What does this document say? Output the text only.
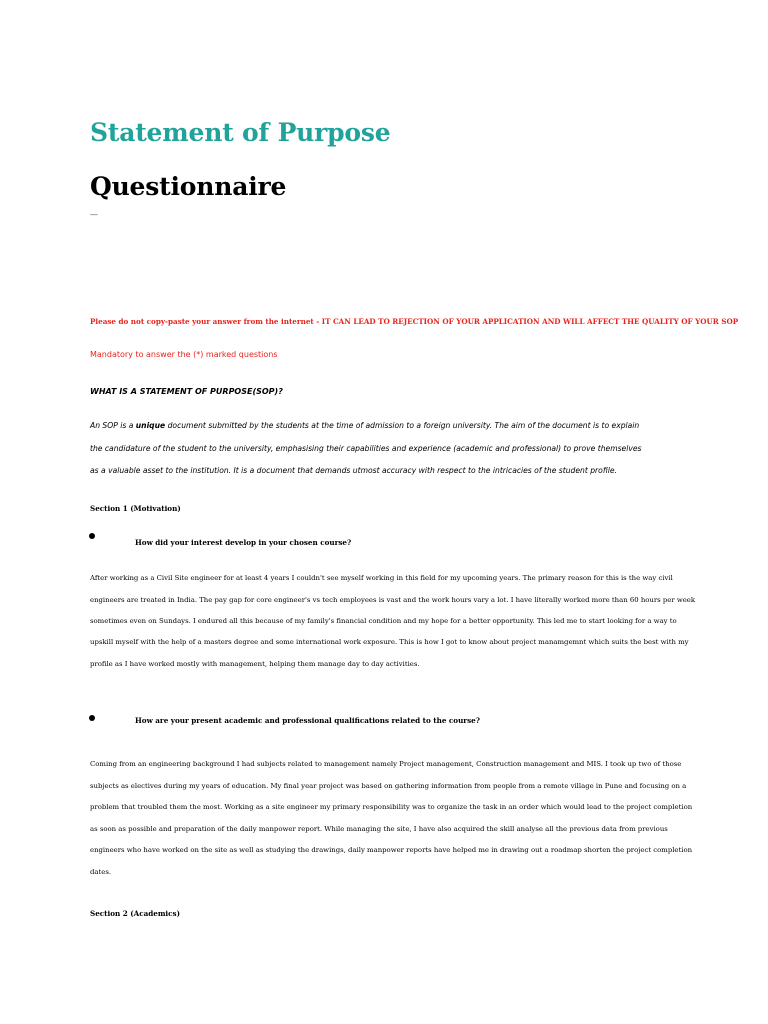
Statement of Purpose
Questionnaire
—
Please do not copy-paste your answer from the internet - IT CAN LEAD TO REJECTION OF YOUR APPLICATION AND WILL AFFECT THE QUALITY OF YOUR SOP
Mandatory to answer the (*) marked questions
WHAT IS A STATEMENT OF PURPOSE(SOP)?
An SOP is a unique document submitted by the students at the time of admission to a foreign university. The aim of the document is to explain
the candidature of the student to the university, emphasising their capabilities and experience (academic and professional) to prove themselves
as a valuable asset to the institution. It is a document that demands utmost accuracy with respect to the intricacies of the student profile.
Section 1 (Motivation)
How did your interest develop in your chosen course?
After working as a Civil Site engineer for at least 4 years I couldn't see myself working in this field for my upcoming years. The primary reason for this is the way civil
engineers are treated in India. The pay gap for core engineer's vs tech employees is vast and the work hours vary a lot. I have literally worked more than 60 hours per week
sometimes even on Sundays. I endured all this because of my family's financial condition and my hope for a better opportunity. This led me to start looking for a way to
upskill myself with the help of a masters degree and some international work exposure. This is how I got to know about project manamgemnt which suits the best with my
profile as I have worked mostly with management, helping them manage day to day activities.
How are your present academic and professional qualifications related to the course?
Coming from an engineering background I had subjects related to management namely Project management, Construction management and MIS. I took up two of those
subjects as electives during my years of education. My final year project was based on gathering information from people from a remote village in Pune and focusing on a
problem that troubled them the most. Working as a site engineer my primary responsibility was to organize the task in an order which would lead to the project completion
as soon as possible and preparation of the daily manpower report. While managing the site, I have also acquired the skill analyse all the previous data from previous
engineers who have worked on the site as well as studying the drawings, daily manpower reports have helped me in drawing out a roadmap shorten the project completion
dates.
Section 2 (Academics)
